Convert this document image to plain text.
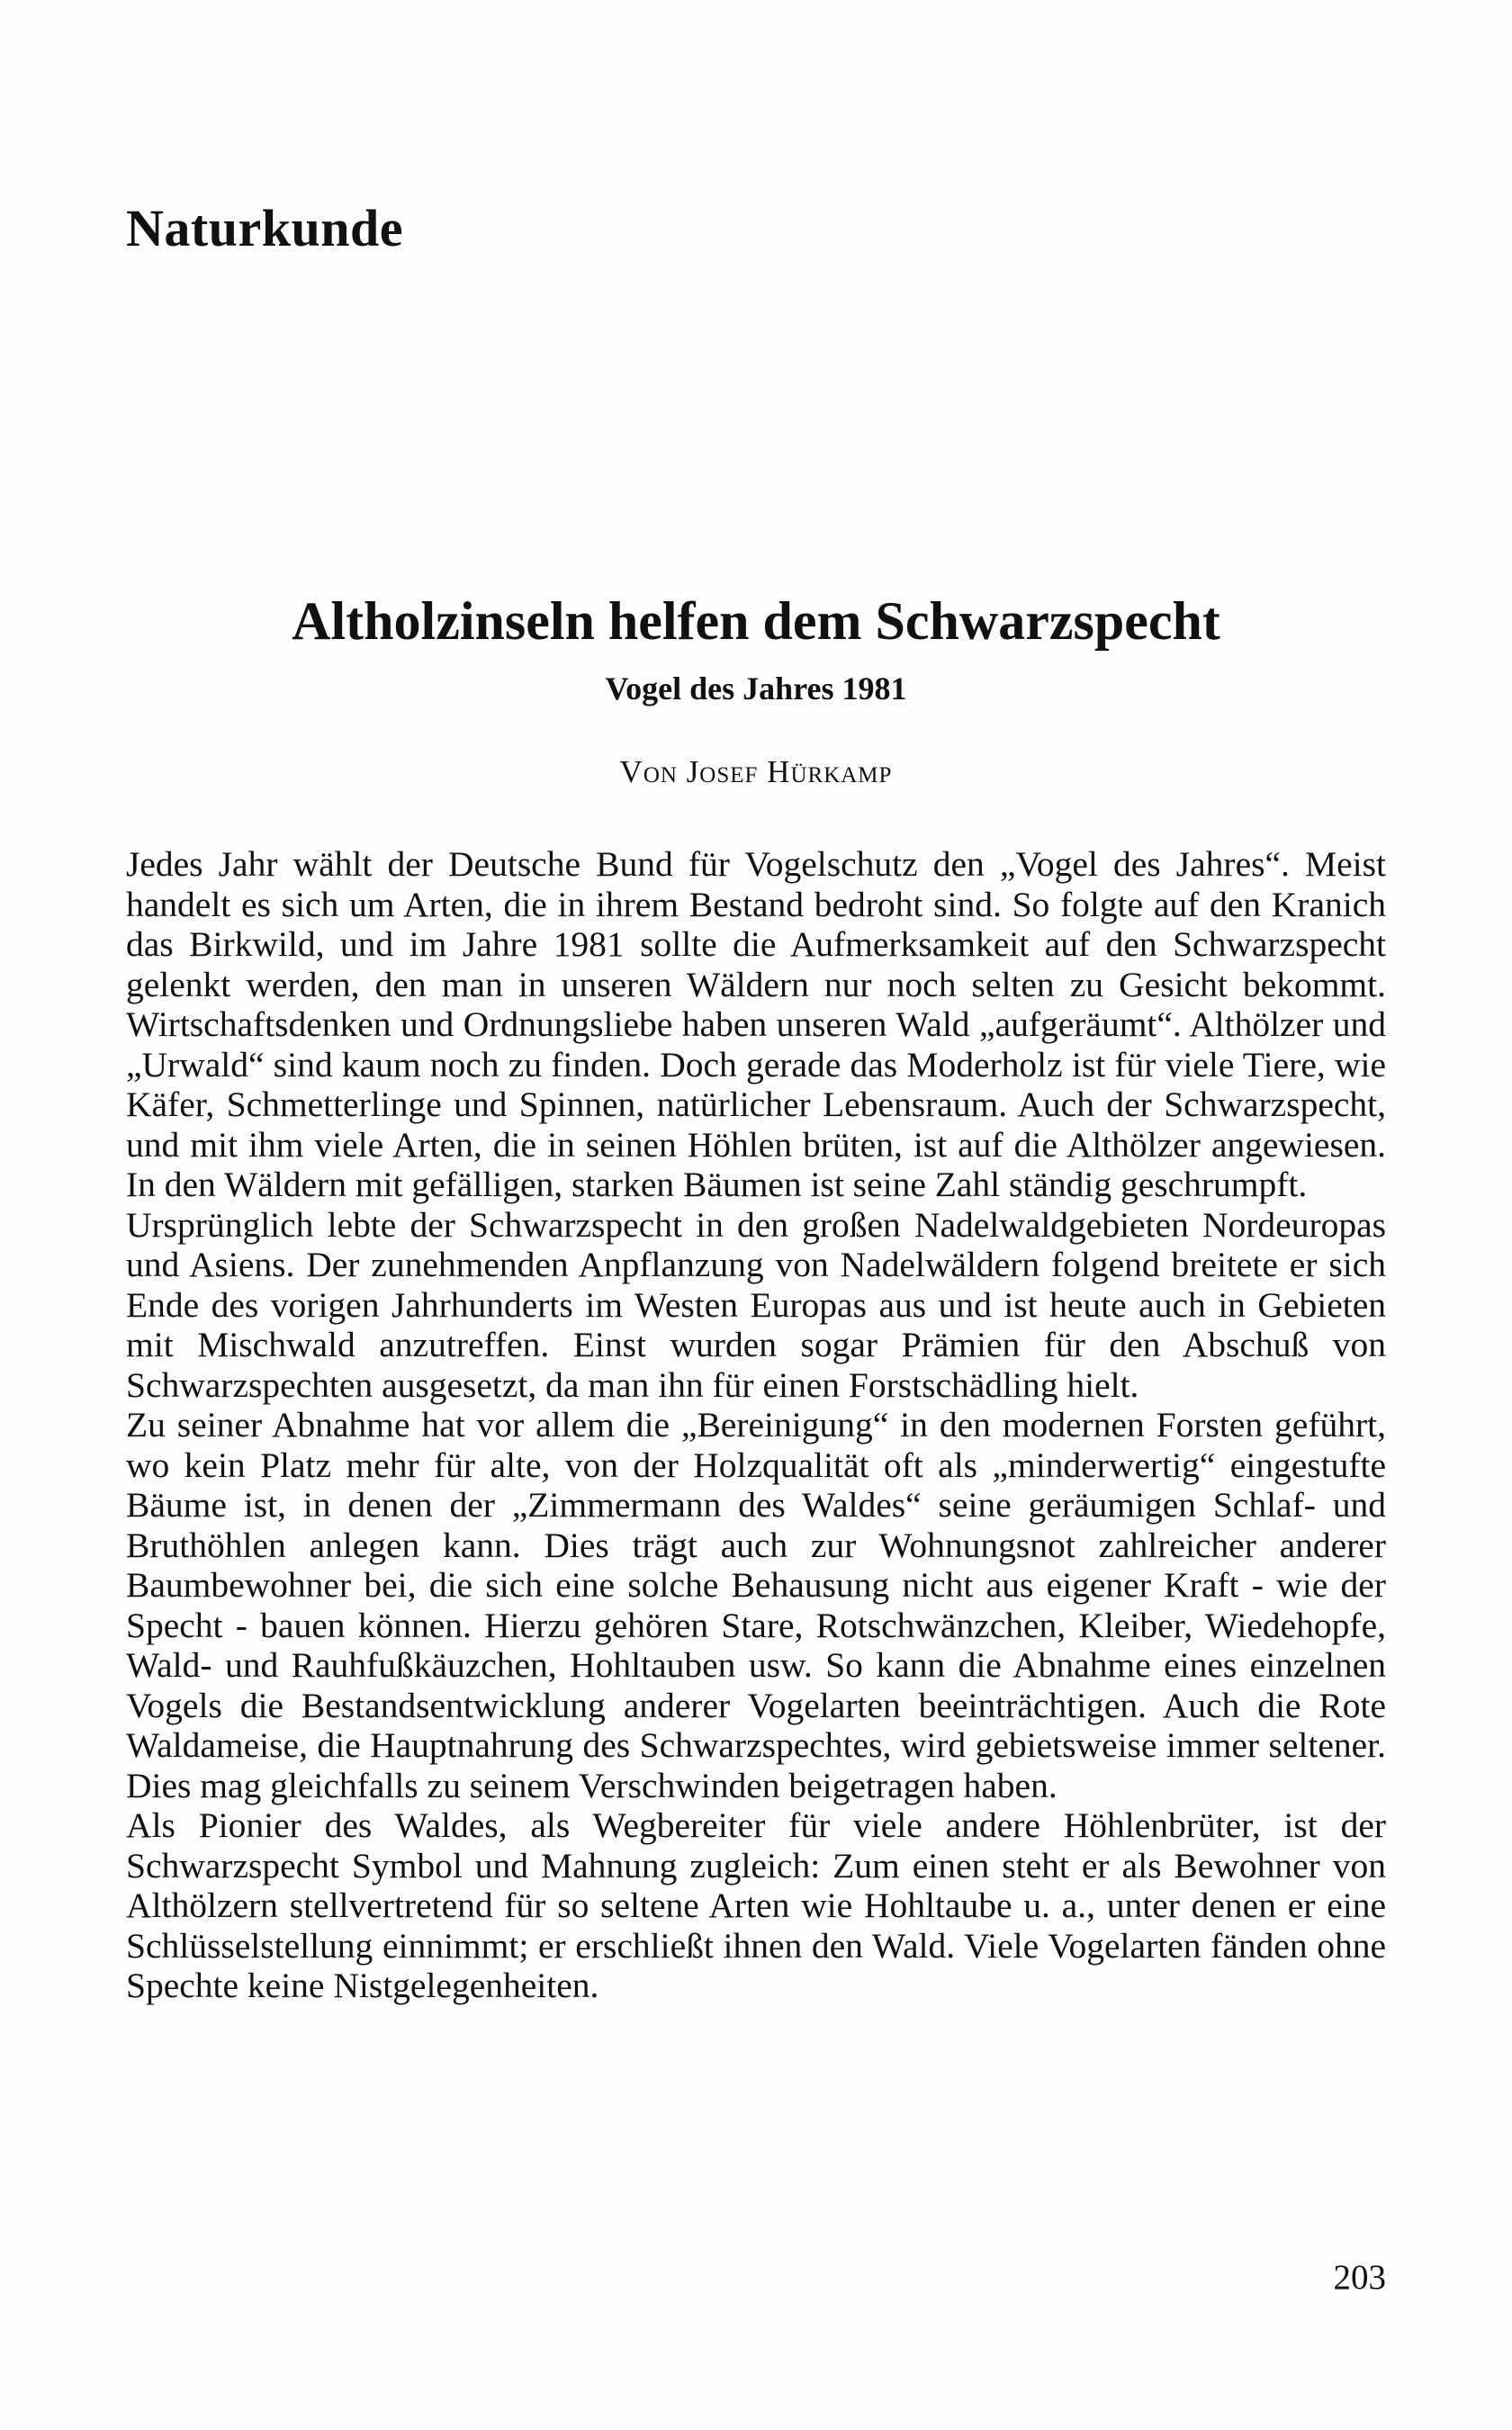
Naturkunde
Altholzinseln helfen dem Schwarzspecht
Vogel des Jahres 1981

Von Josef Hürkamp

Jedes Jahr wählt der Deutsche Bund für Vogelschutz den „Vogel des Jahres“. Meist handelt es sich um Arten, die in ihrem Bestand bedroht sind. So folgte auf den Kranich das Birkwild, und im Jahre 1981 sollte die Aufmerksamkeit auf den Schwarzspecht gelenkt werden, den man in unseren Wäldern nur noch selten zu Gesicht bekommt. Wirtschaftsdenken und Ordnungsliebe haben unseren Wald „aufgeräumt“. Althölzer und „Urwald“ sind kaum noch zu finden. Doch gerade das Moderholz ist für viele Tiere, wie Käfer, Schmetterlinge und Spinnen, natürlicher Lebensraum. Auch der Schwarzspecht, und mit ihm viele Arten, die in seinen Höhlen brüten, ist auf die Althölzer angewiesen. In den Wäldern mit gefälligen, starken Bäumen ist seine Zahl ständig geschrumpft.

Ursprünglich lebte der Schwarzspecht in den großen Nadelwaldgebieten Nordeuropas und Asiens. Der zunehmenden Anpflanzung von Nadelwäldern folgend breitete er sich Ende des vorigen Jahrhunderts im Westen Europas aus und ist heute auch in Gebieten mit Mischwald anzutreffen. Einst wurden sogar Prämien für den Abschuß von Schwarzspechten ausgesetzt, da man ihn für einen Forstschädling hielt.

Zu seiner Abnahme hat vor allem die „Bereinigung“ in den modernen Forsten geführt, wo kein Platz mehr für alte, von der Holzqualität oft als „minderwertig“ eingestufte Bäume ist, in denen der „Zimmermann des Waldes“ seine geräumigen Schlaf- und Bruthöhlen anlegen kann. Dies trägt auch zur Wohnungsnot zahlreicher anderer Baumbewohner bei, die sich eine solche Behausung nicht aus eigener Kraft - wie der Specht - bauen können. Hierzu gehören Stare, Rotschwänzchen, Kleiber, Wiedehopfe, Wald- und Rauhfußkäuzchen, Hohltauben usw. So kann die Abnahme eines einzelnen Vogels die Bestandsentwicklung anderer Vogelarten beeinträchtigen. Auch die Rote Waldameise, die Hauptnahrung des Schwarzspechtes, wird gebietsweise immer seltener. Dies mag gleichfalls zu seinem Verschwinden beigetragen haben.

Als Pionier des Waldes, als Wegbereiter für viele andere Höhlenbrüter, ist der Schwarzspecht Symbol und Mahnung zugleich: Zum einen steht er als Bewohner von Althölzern stellvertretend für so seltene Arten wie Hohltaube u. a., unter denen er eine Schlüsselstellung einnimmt; er erschließt ihnen den Wald. Viele Vogelarten fänden ohne Spechte keine Nistgelegenheiten.

203
